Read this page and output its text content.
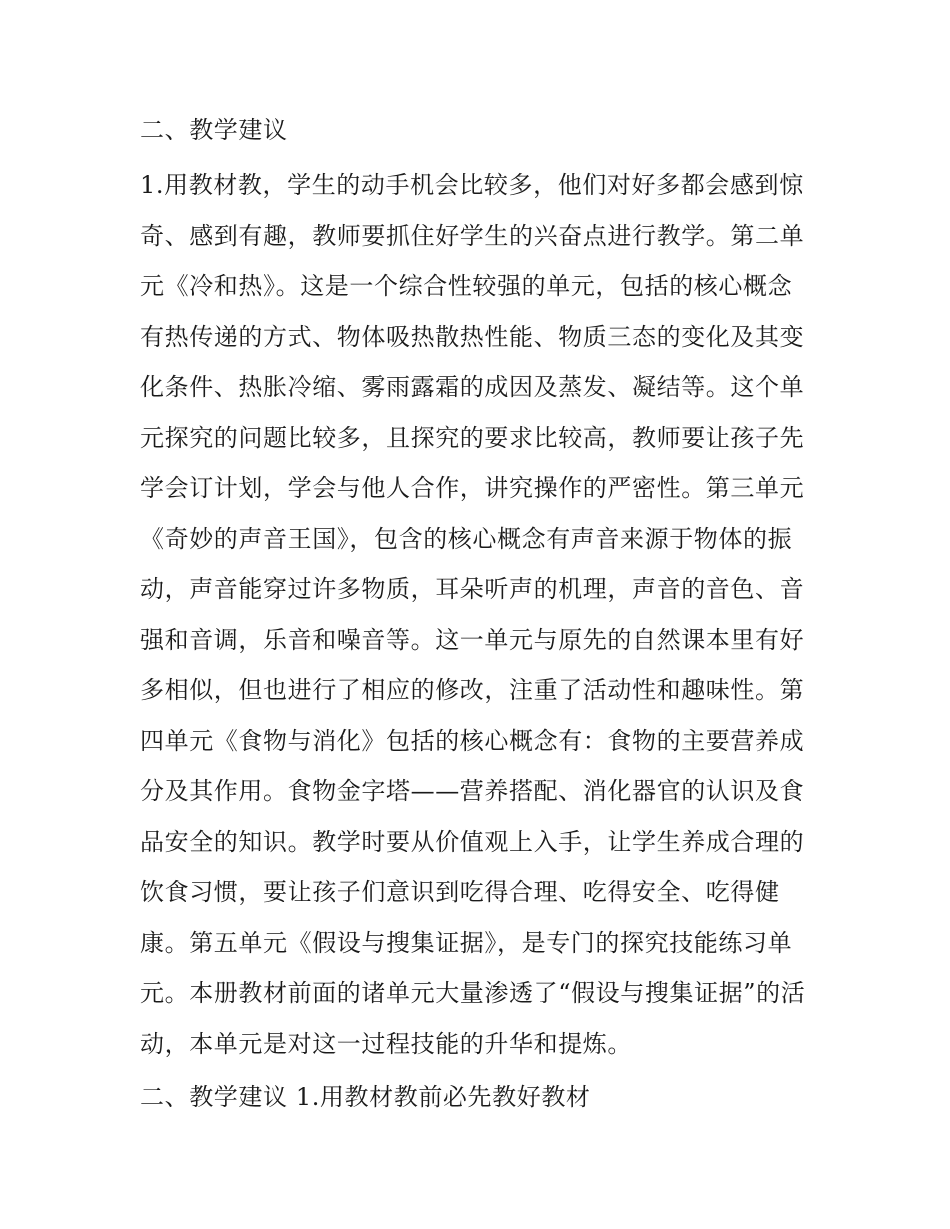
二、教学建议

1.用教材教，学生的动手机会比较多，他们对好多都会感到惊
奇、感到有趣，教师要抓住好学生的兴奋点进行教学。第二单
元《冷和热》。这是一个综合性较强的单元，包括的核心概念
有热传递的方式、物体吸热散热性能、物质三态的变化及其变
化条件、热胀冷缩、雾雨露霜的成因及蒸发、凝结等。这个单
元探究的问题比较多，且探究的要求比较高，教师要让孩子先
学会订计划，学会与他人合作，讲究操作的严密性。第三单元
《奇妙的声音王国》，包含的核心概念有声音来源于物体的振
动，声音能穿过许多物质，耳朵听声的机理，声音的音色、音
强和音调，乐音和噪音等。这一单元与原先的自然课本里有好
多相似，但也进行了相应的修改，注重了活动性和趣味性。第
四单元《食物与消化》包括的核心概念有：食物的主要营养成
分及其作用。食物金字塔——营养搭配、消化器官的认识及食
品安全的知识。教学时要从价值观上入手，让学生养成合理的
饮食习惯，要让孩子们意识到吃得合理、吃得安全、吃得健
康。第五单元《假设与搜集证据》，是专门的探究技能练习单
元。本册教材前面的诸单元大量渗透了“假设与搜集证据”的活
动，本单元是对这一过程技能的升华和提炼。

二、教学建议 1.用教材教前必先教好教材
